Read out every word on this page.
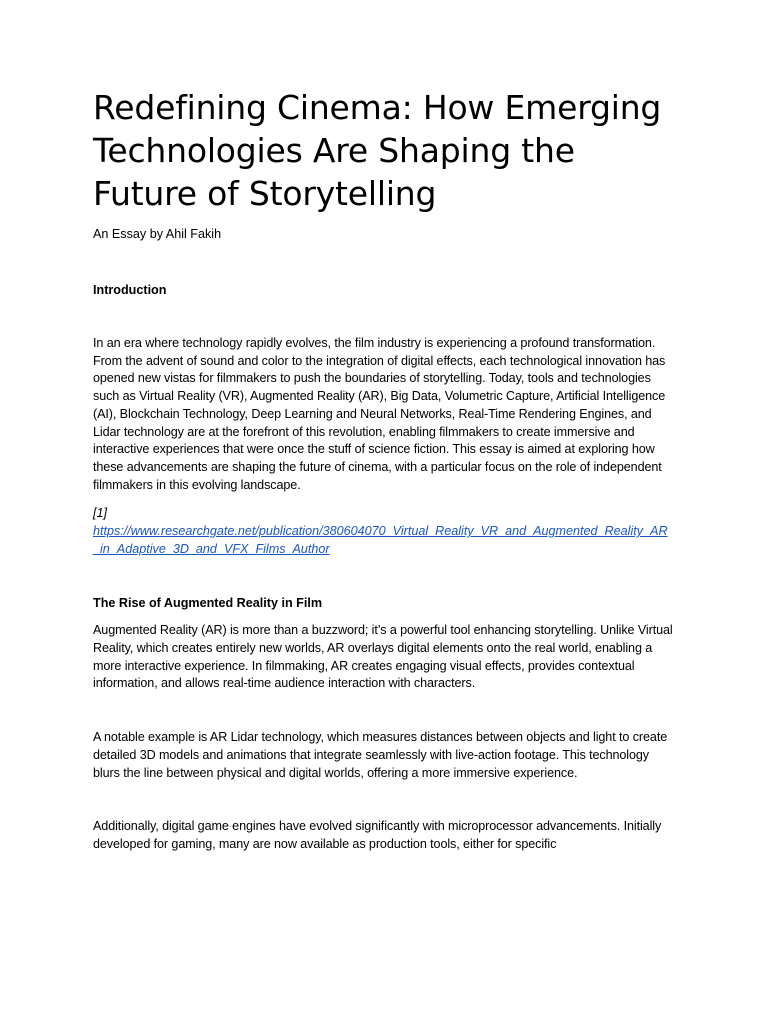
Redefining Cinema: How Emerging Technologies Are Shaping the Future of Storytelling
An Essay by Ahil Fakih
Introduction

In an era where technology rapidly evolves, the film industry is experiencing a profound transformation. From the advent of sound and color to the integration of digital effects, each technological innovation has opened new vistas for filmmakers to push the boundaries of storytelling. Today, tools and technologies such as Virtual Reality (VR), Augmented Reality (AR), Big Data, Volumetric Capture, Artificial Intelligence (AI), Blockchain Technology, Deep Learning and Neural Networks, Real-Time Rendering Engines, and Lidar technology are at the forefront of this revolution, enabling filmmakers to create immersive and interactive experiences that were once the stuff of science fiction. This essay is aimed at exploring how these advancements are shaping the future of cinema, with a particular focus on the role of independent filmmakers in this evolving landscape.

[1]
https://www.researchgate.net/publication/380604070_Virtual_Reality_VR_and_Augmented_Reality_AR_in_Adaptive_3D_and_VFX_Films_Author
The Rise of Augmented Reality in Film

Augmented Reality (AR) is more than a buzzword; it’s a powerful tool enhancing storytelling. Unlike Virtual Reality, which creates entirely new worlds, AR overlays digital elements onto the real world, enabling a more interactive experience. In filmmaking, AR creates engaging visual effects, provides contextual information, and allows real-time audience interaction with characters.

A notable example is AR Lidar technology, which measures distances between objects and light to create detailed 3D models and animations that integrate seamlessly with live-action footage. This technology blurs the line between physical and digital worlds, offering a more immersive experience.

Additionally, digital game engines have evolved significantly with microprocessor advancements. Initially developed for gaming, many are now available as production tools, either for specific
